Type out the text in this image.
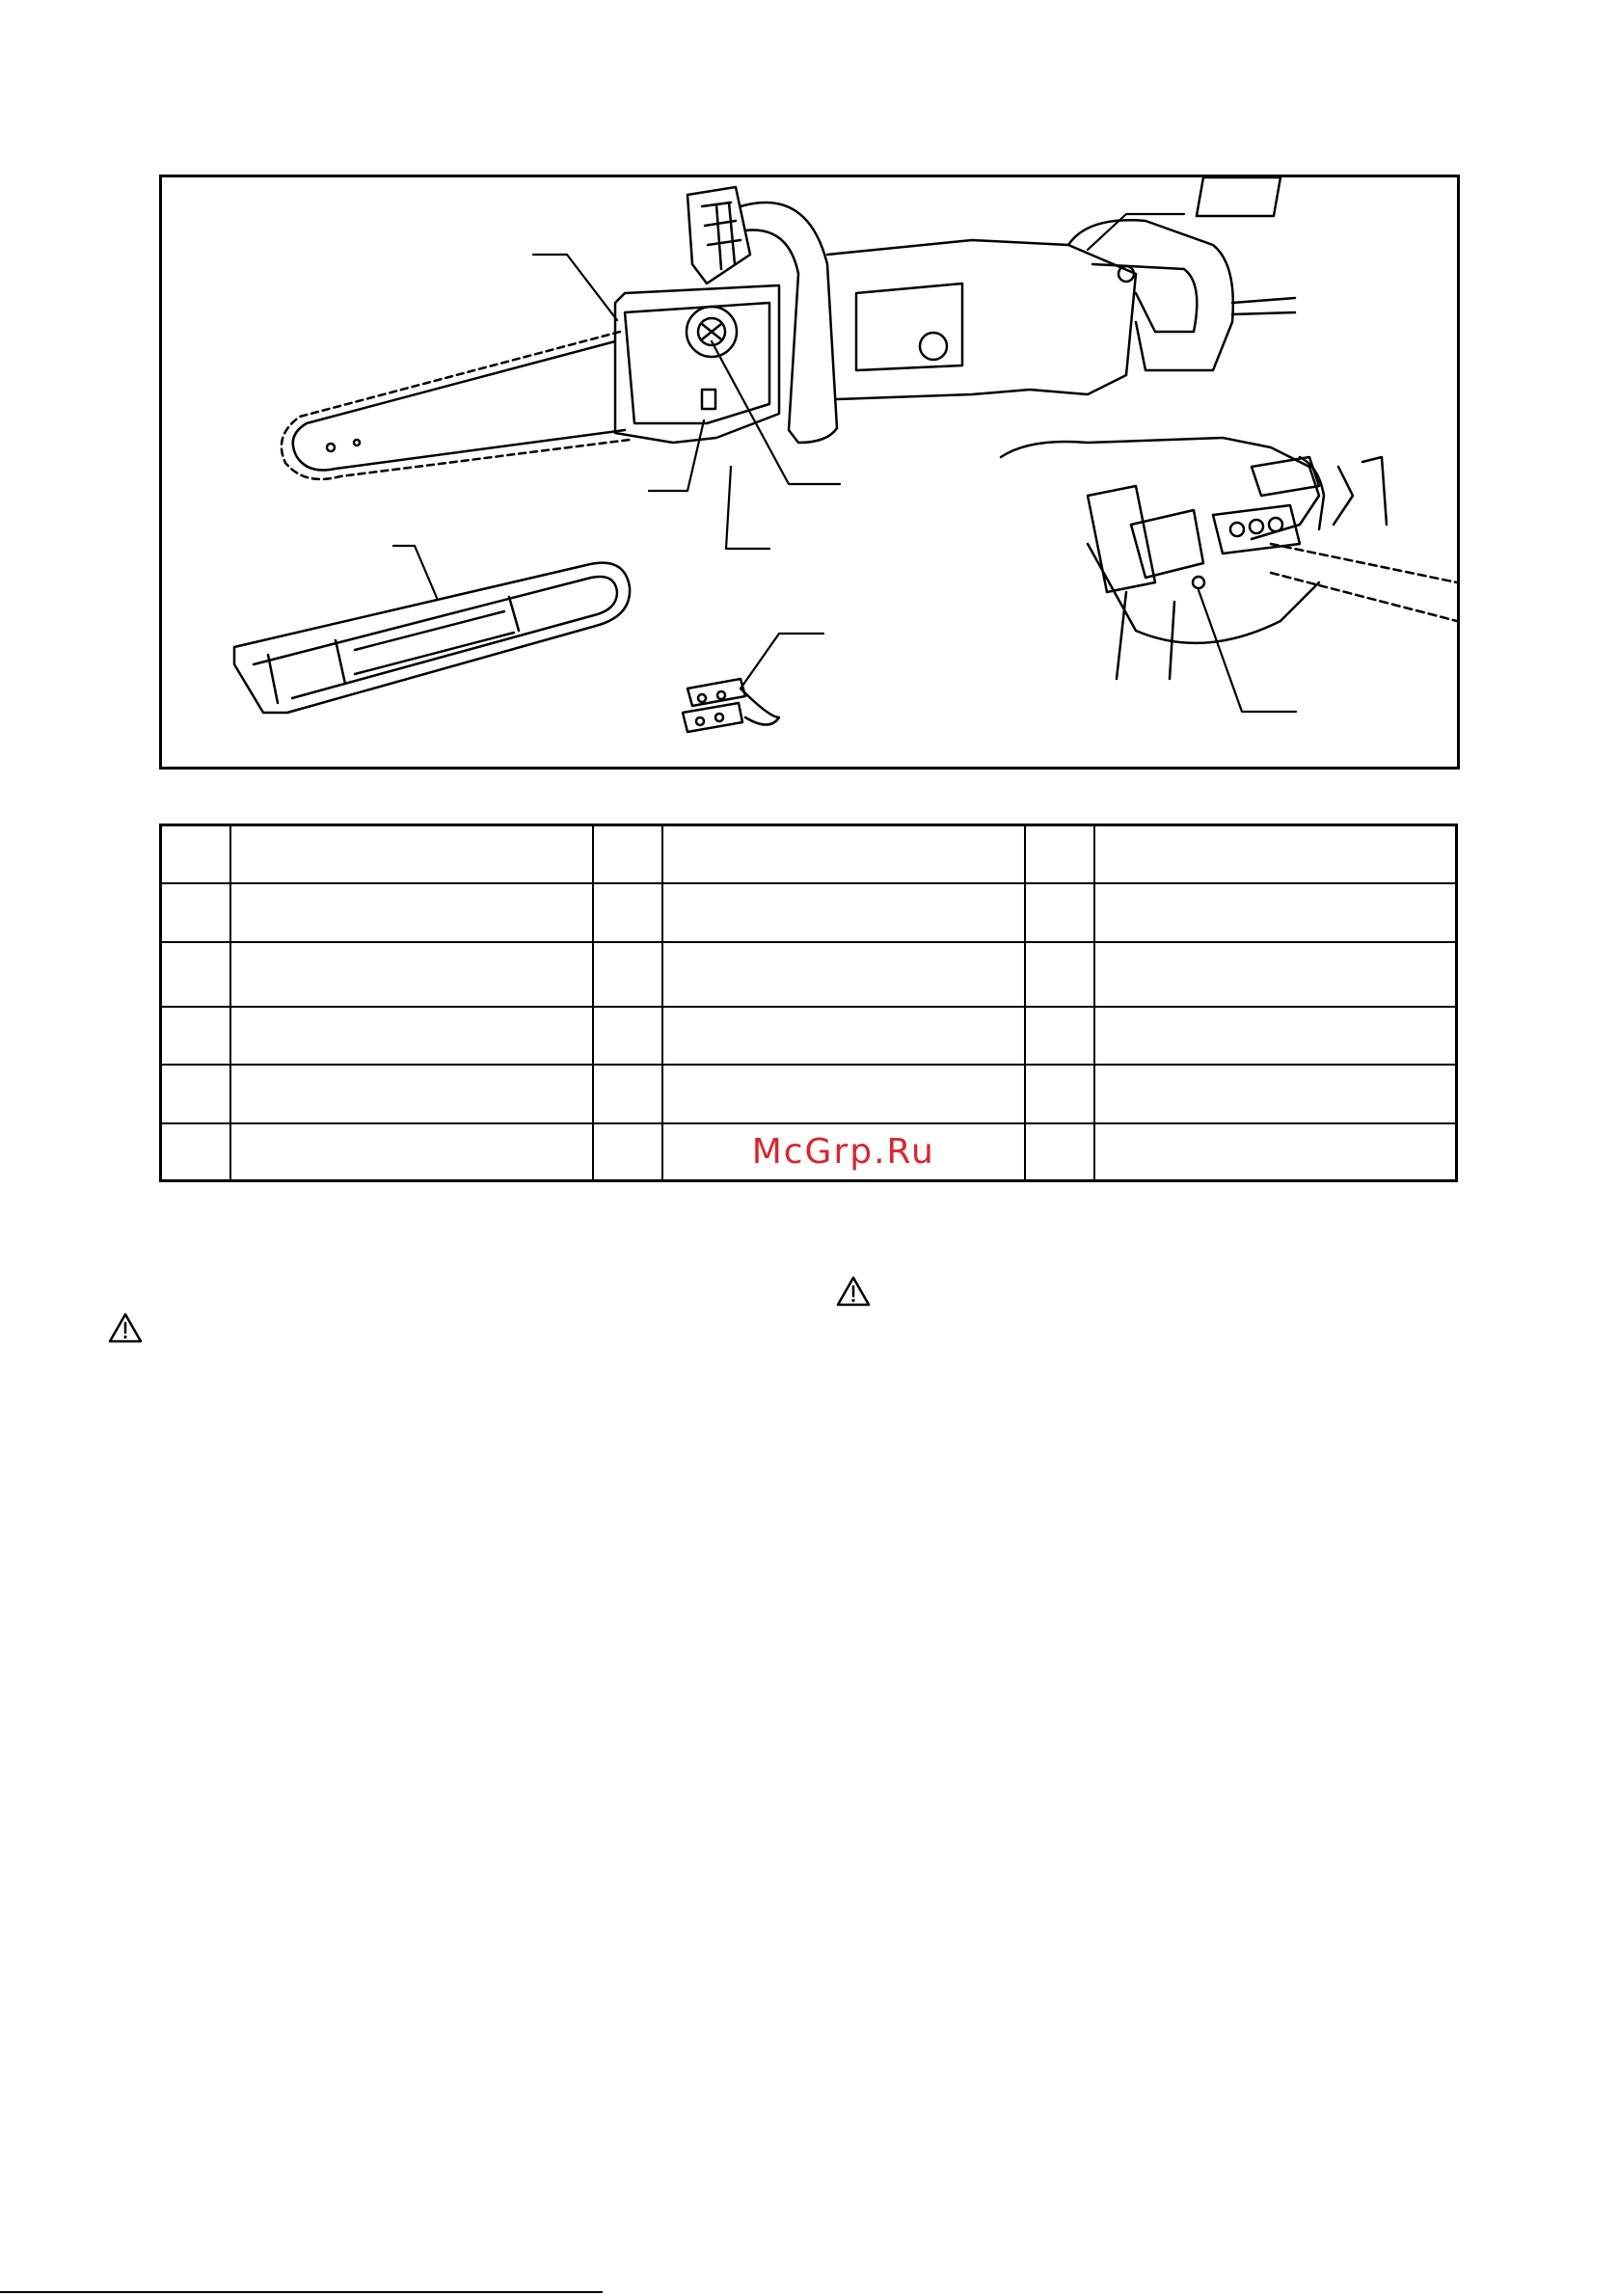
			McGrp.Ru		
